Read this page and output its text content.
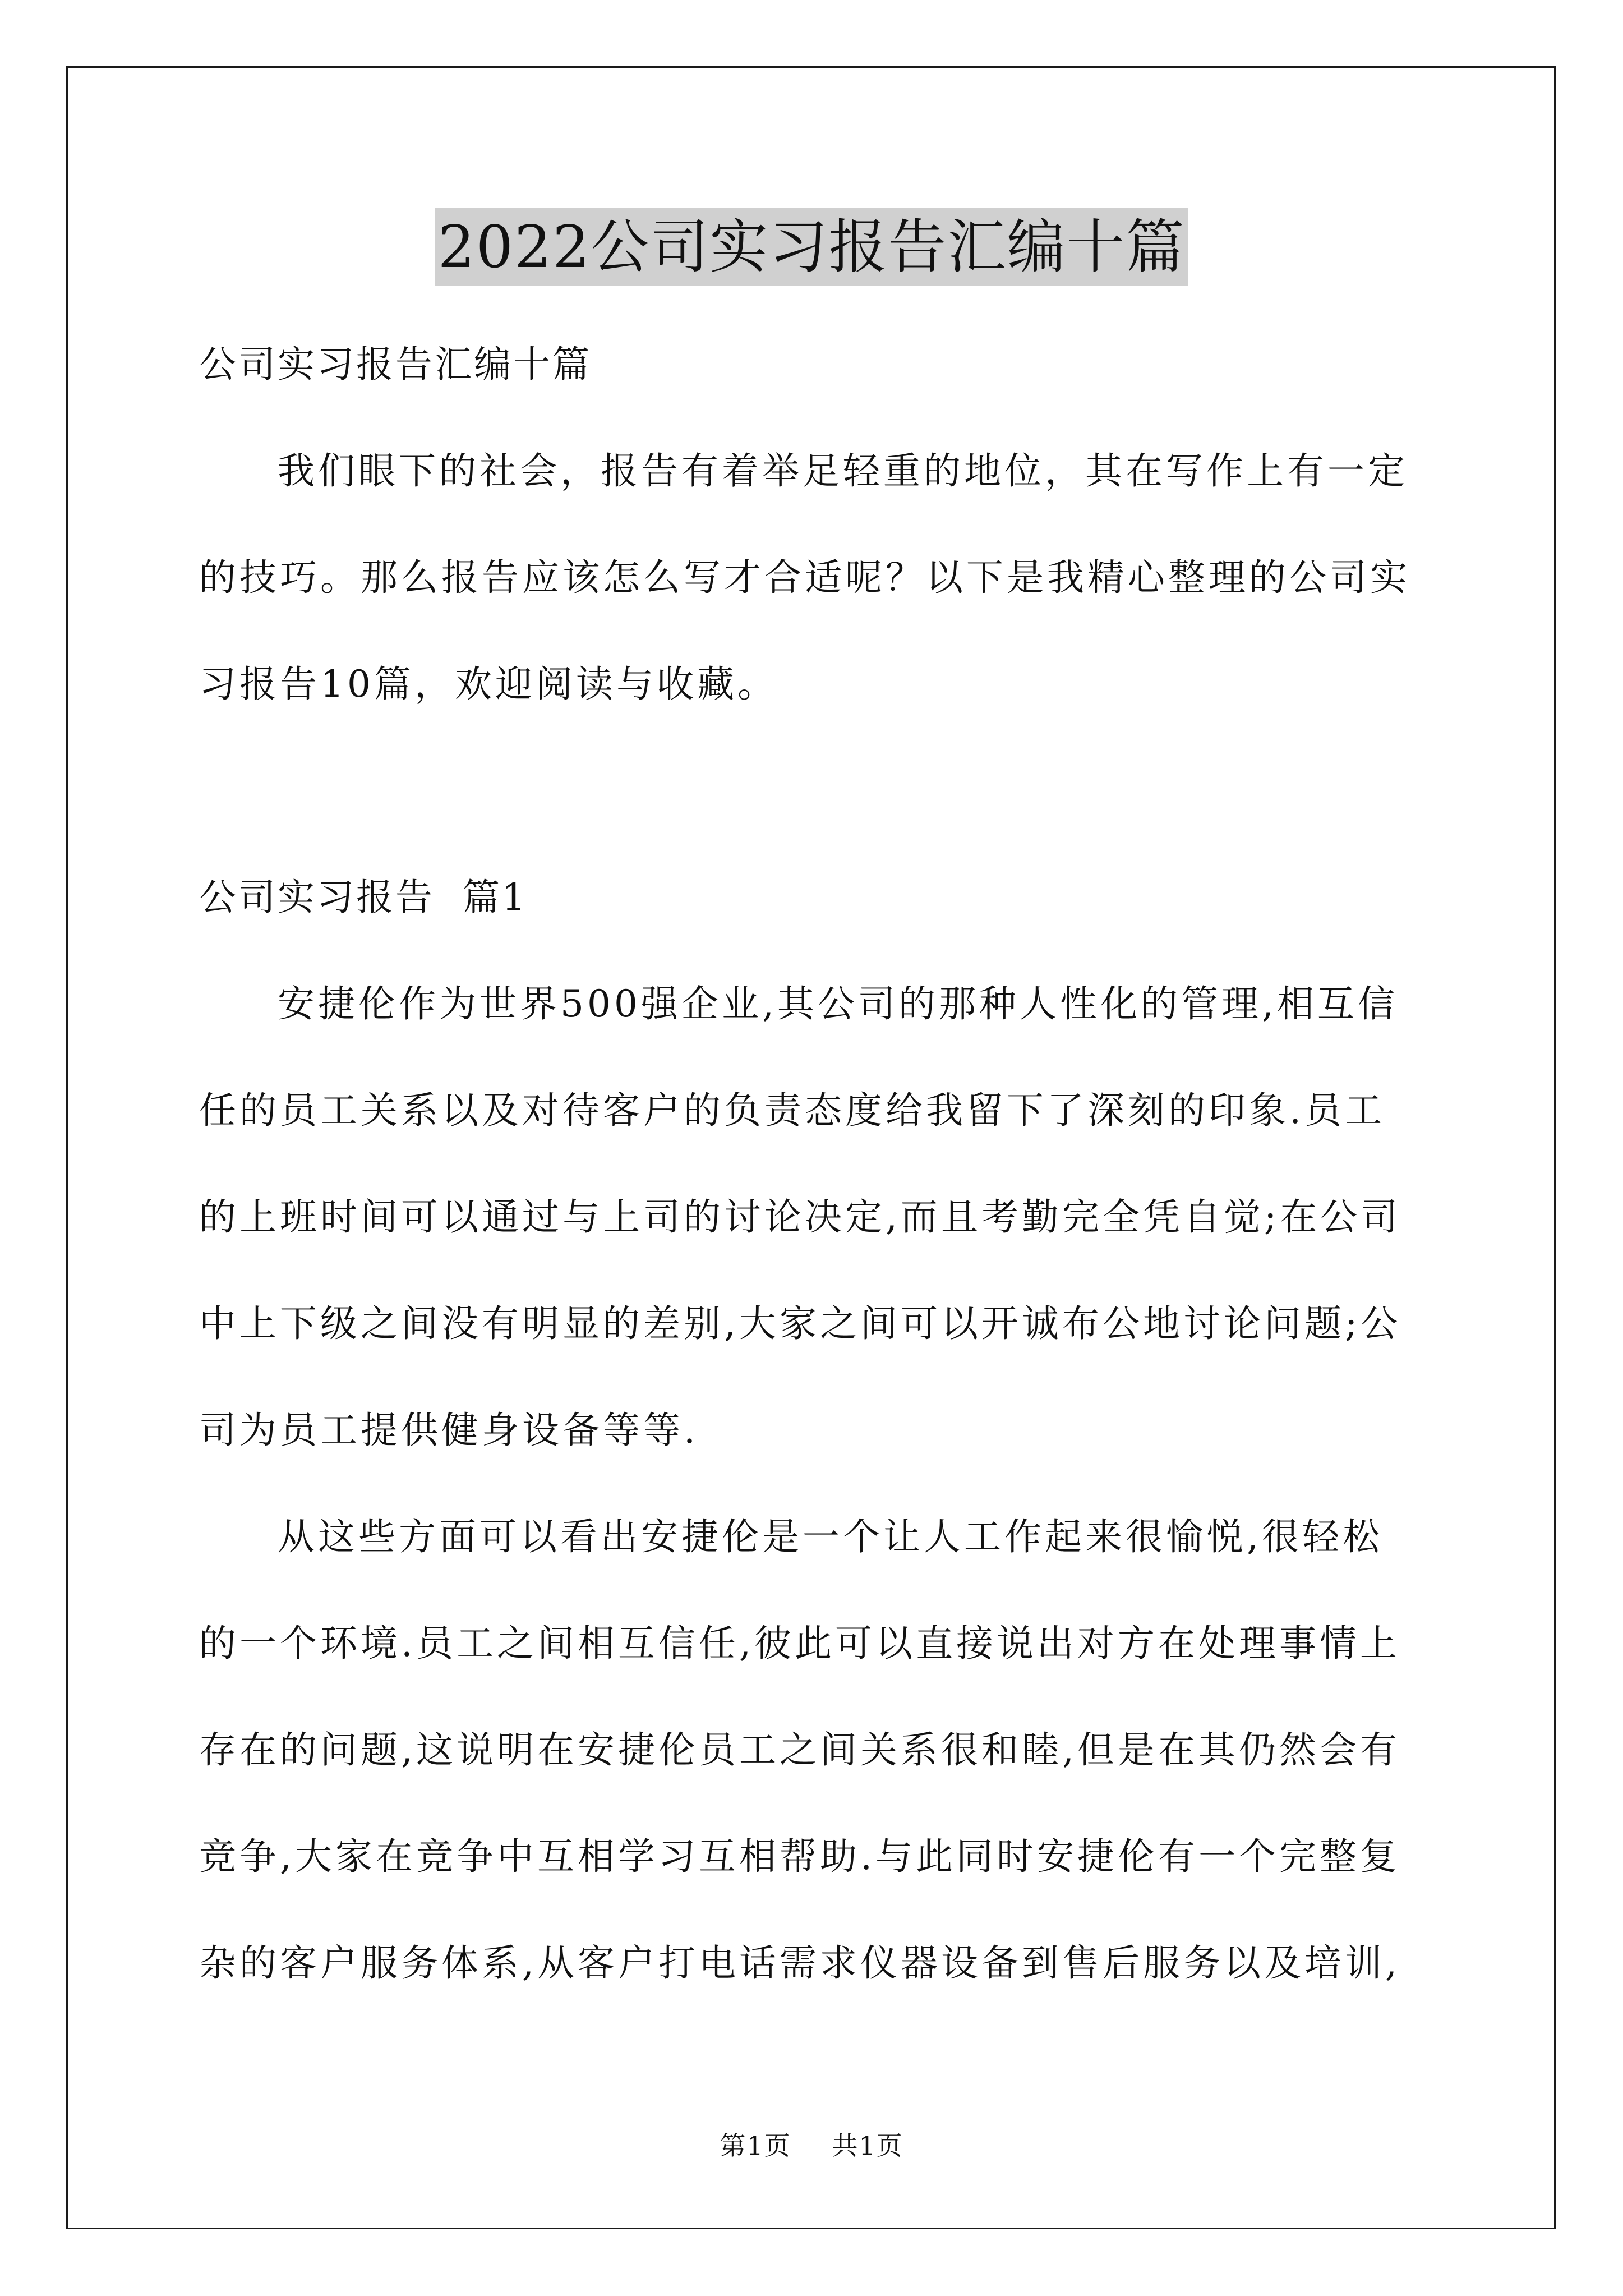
2022公司实习报告汇编十篇

公司实习报告汇编十篇

我们眼下的社会，报告有着举足轻重的地位，其在写作上有一定

的技巧。那么报告应该怎么写才合适呢？以下是我精心整理的公司实

习报告10篇，欢迎阅读与收藏。

公司实习报告  篇1

安捷伦作为世界500强企业,其公司的那种人性化的管理,相互信

任的员工关系以及对待客户的负责态度给我留下了深刻的印象.员工

的上班时间可以通过与上司的讨论决定,而且考勤完全凭自觉;在公司

中上下级之间没有明显的差别,大家之间可以开诚布公地讨论问题;公

司为员工提供健身设备等等.

从这些方面可以看出安捷伦是一个让人工作起来很愉悦,很轻松

的一个环境.员工之间相互信任,彼此可以直接说出对方在处理事情上

存在的问题,这说明在安捷伦员工之间关系很和睦,但是在其仍然会有

竞争,大家在竞争中互相学习互相帮助.与此同时安捷伦有一个完整复

杂的客户服务体系,从客户打电话需求仪器设备到售后服务以及培训,

第1页 共1页
